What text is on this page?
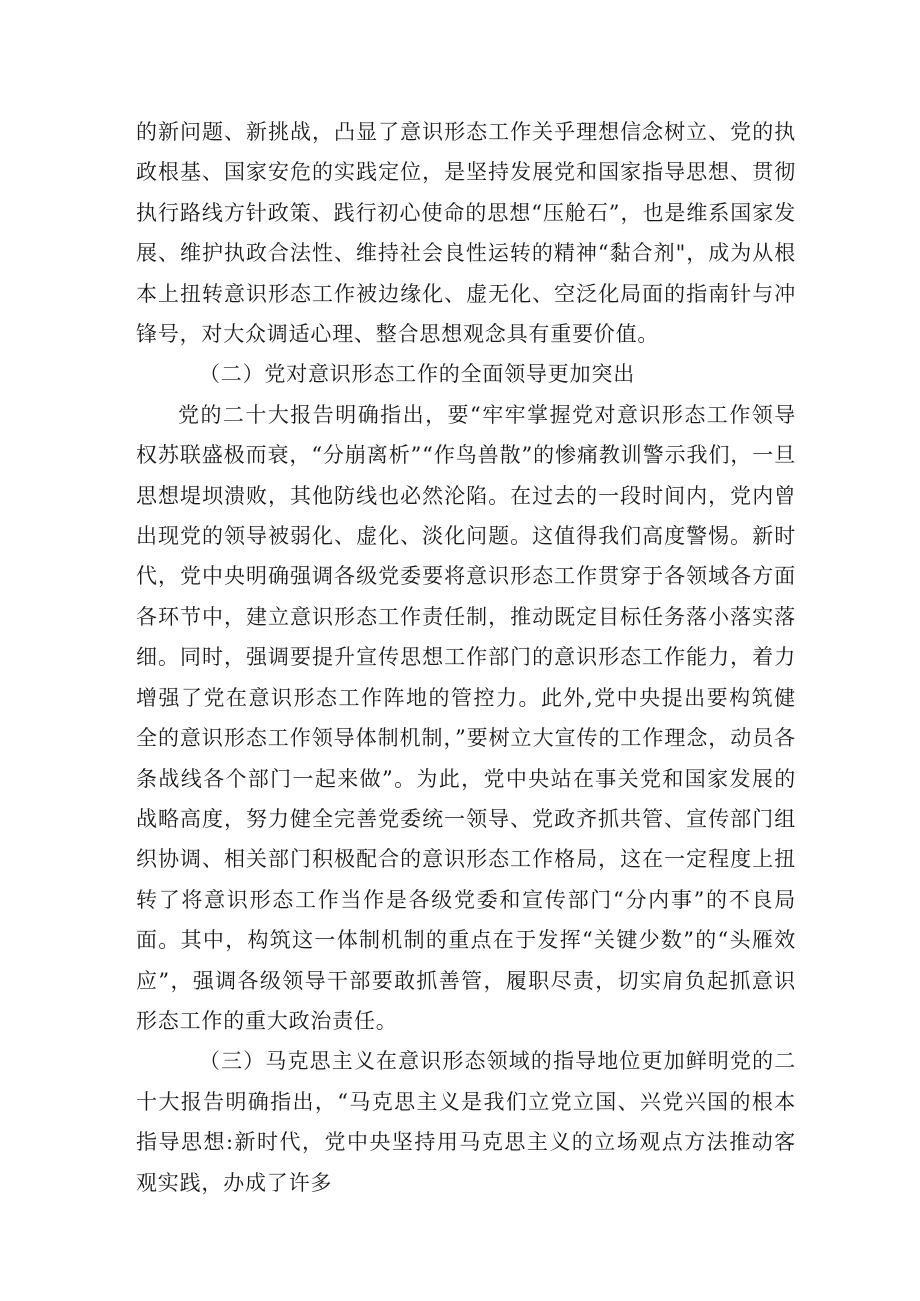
的新问题、新挑战，凸显了意识形态工作关乎理想信念树立、党的执政根基、国家安危的实践定位，是坚持发展党和国家指导思想、贯彻执行路线方针政策、践行初心使命的思想“压舱石”，也是维系国家发展、维护执政合法性、维持社会良性运转的精神“黏合剂"，成为从根本上扭转意识形态工作被边缘化、虚无化、空泛化局面的指南针与冲锋号，对大众调适心理、整合思想观念具有重要价值。

（二）党对意识形态工作的全面领导更加突出

党的二十大报告明确指出，要“牢牢掌握党对意识形态工作领导权苏联盛极而衰，“分崩离析”“作鸟兽散”的惨痛教训警示我们，一旦思想堤坝溃败，其他防线也必然沦陷。在过去的一段时间内，党内曾出现党的领导被弱化、虚化、淡化问题。这值得我们高度警惕。新时代，党中央明确强调各级党委要将意识形态工作贯穿于各领域各方面各环节中，建立意识形态工作责任制，推动既定目标任务落小落实落细。同时，强调要提升宣传思想工作部门的意识形态工作能力，着力增强了党在意识形态工作阵地的管控力。此外,党中央提出要构筑健全的意识形态工作领导体制机制，”要树立大宣传的工作理念，动员各条战线各个部门一起来做”。为此，党中央站在事关党和国家发展的战略高度，努力健全完善党委统一领导、党政齐抓共管、宣传部门组织协调、相关部门积极配合的意识形态工作格局，这在一定程度上扭转了将意识形态工作当作是各级党委和宣传部门“分内事”的不良局面。其中，构筑这一体制机制的重点在于发挥“关键少数”的“头雁效应”，强调各级领导干部要敢抓善管，履职尽责，切实肩负起抓意识形态工作的重大政治责任。

（三）马克思主义在意识形态领域的指导地位更加鲜明党的二十大报告明确指出，“马克思主义是我们立党立国、兴党兴国的根本指导思想:新时代，党中央坚持用马克思主义的立场观点方法推动客观实践，办成了许多
